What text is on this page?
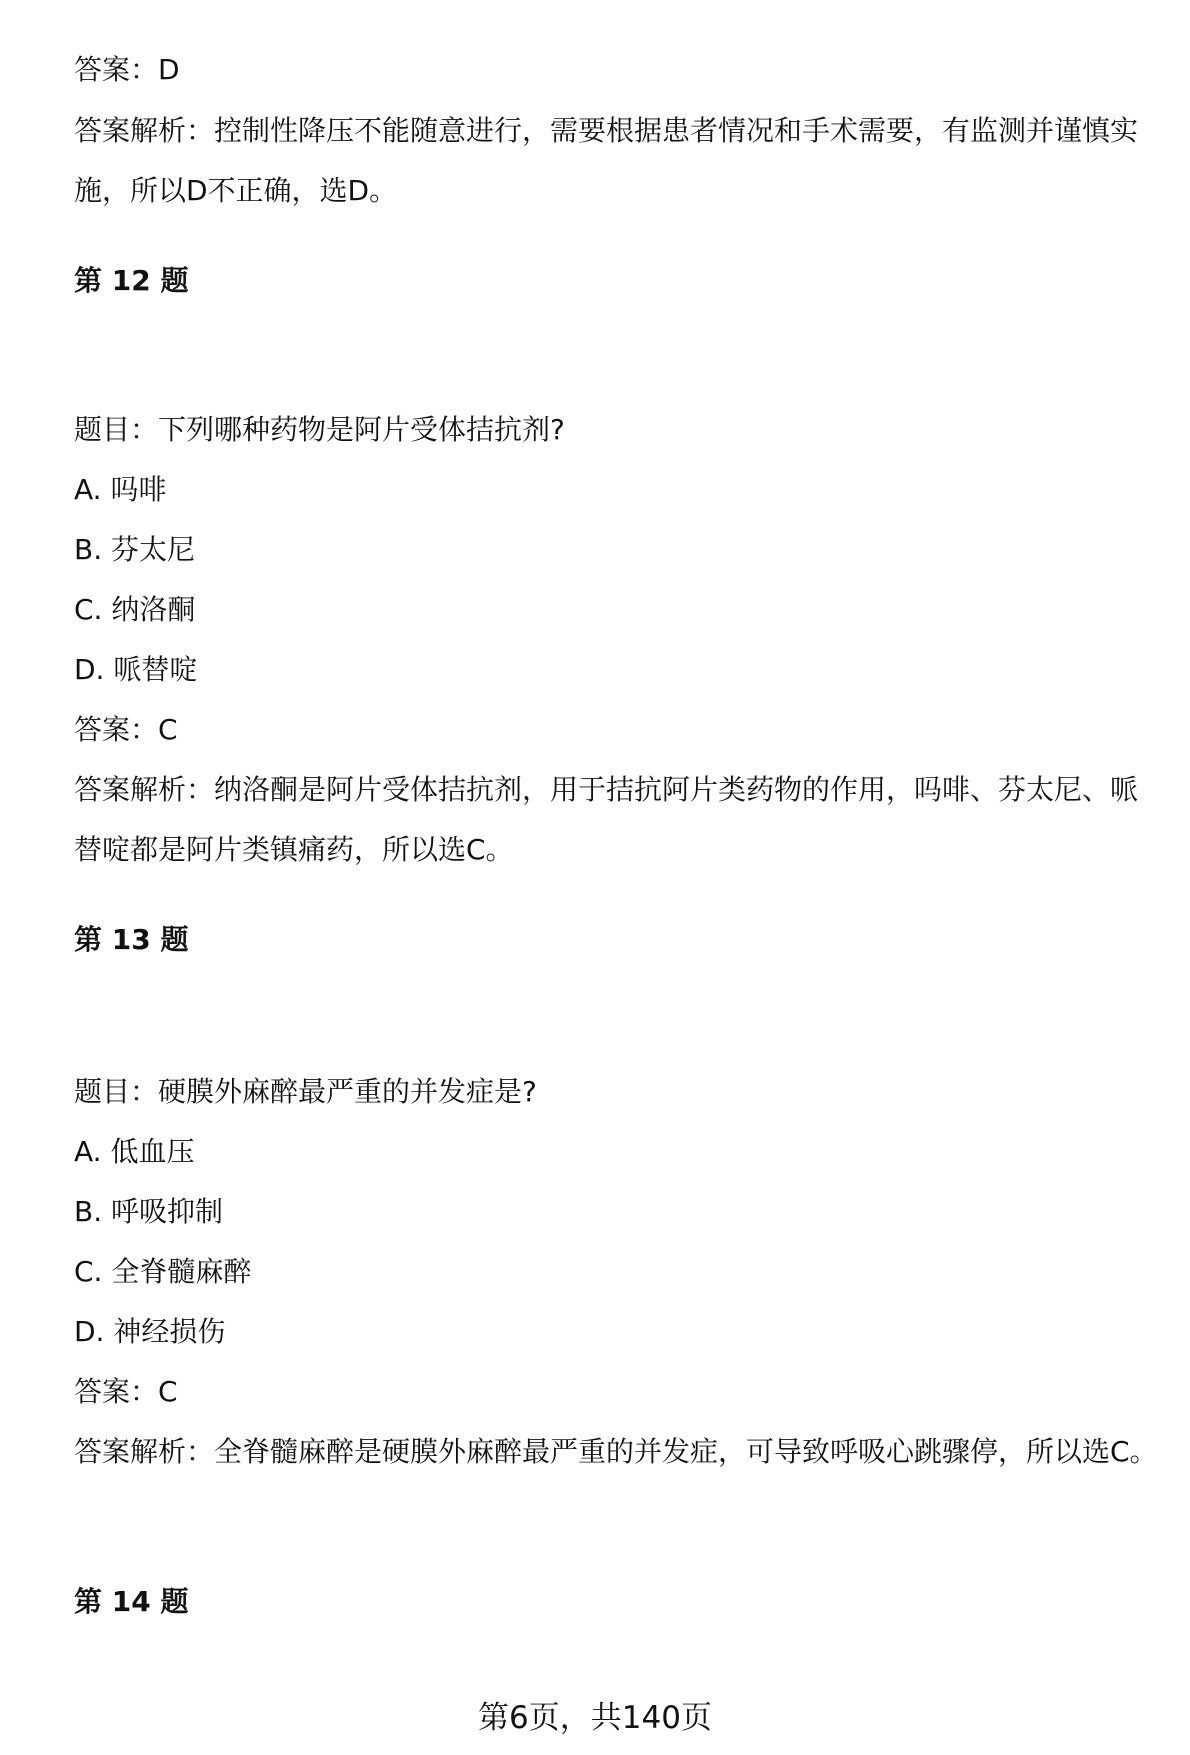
答案：D
答案解析：控制性降压不能随意进行，需要根据患者情况和手术需要，有监测并谨慎实施，所以D不正确，选D。
第 12 题
题目：下列哪种药物是阿片受体拮抗剂?
A. 吗啡
B. 芬太尼
C. 纳洛酮
D. 哌替啶
答案：C
答案解析：纳洛酮是阿片受体拮抗剂，用于拮抗阿片类药物的作用，吗啡、芬太尼、哌替啶都是阿片类镇痛药，所以选C。
第 13 题
题目：硬膜外麻醉最严重的并发症是?
A. 低血压
B. 呼吸抑制
C. 全脊髓麻醉
D. 神经损伤
答案：C
答案解析：全脊髓麻醉是硬膜外麻醉最严重的并发症，可导致呼吸心跳骤停，所以选C。
第 14 题
第6页，共140页
